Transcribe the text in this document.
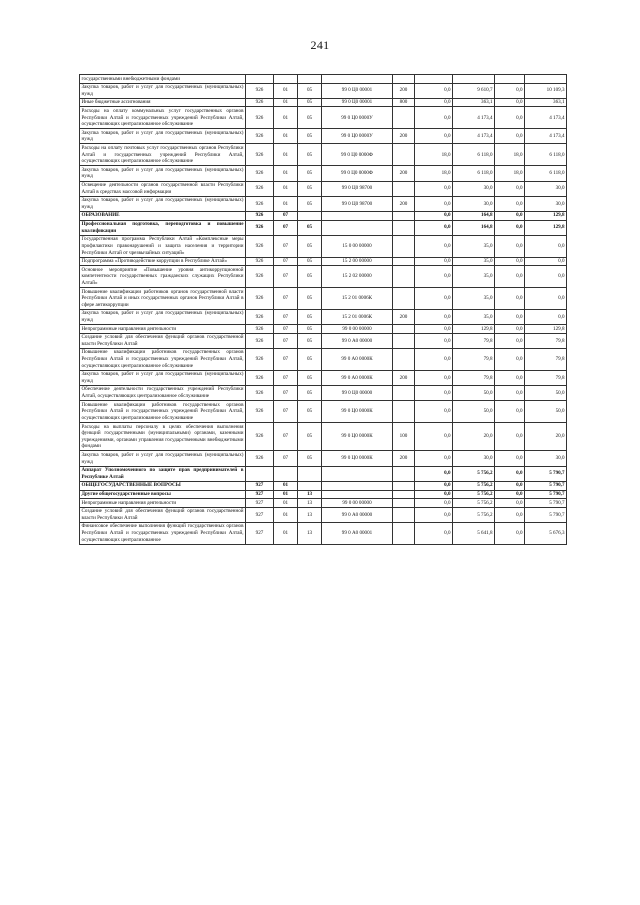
241
государственными внебюджетными фондами									
Закупка товаров, работ и услуг для государственных (муниципальных) нужд	926	01	05	99 0 Ц0 00001	200	0,0	9 610,7	0,0	10 109,3
Иные бюджетные ассигнования	926	01	05	99 0 Ц0 00001	800	0,0	363,1	0,0	363,1
Расходы на оплату коммунальных услуг государственных органов Республики Алтай и государственных учреждений Республики Алтай, осуществляющих централизованное обслуживание	926	01	05	99 0 Ц0 0000У		0,0	4 173,4	0,0	4 173,4
Закупка товаров, работ и услуг для государственных (муниципальных) нужд	926	01	05	99 0 Ц0 0000У	200	0,0	4 173,4	0,0	4 173,4
Расходы на оплату почтовых услуг государственных органов Республики Алтай и государственных учреждений Республики Алтай, осуществляющих централизованное обслуживание	926	01	05	99 0 Ц0 0000Ф		18,0	6 118,0	18,0	6 118,0
Закупка товаров, работ и услуг для государственных (муниципальных) нужд	926	01	05	99 0 Ц0 0000Ф	200	18,0	6 118,0	18,0	6 118,0
Освещение деятельности органов государственной власти Республики Алтай в средствах массовой информации	926	01	05	99 0 Ц0 98700		0,0	30,0	0,0	30,0
Закупка товаров, работ и услуг для государственных (муниципальных) нужд	926	01	05	99 0 Ц0 98700	200	0,0	30,0	0,0	30,0
ОБРАЗОВАНИЕ	926	07				0,0	164,8	0,0	129,8
Профессиональная подготовка, переподготовка и повышение квалификации	926	07	05			0,0	164,8	0,0	129,8
Государственная программа Республики Алтай «Комплексные меры профилактики правонарушений и защита населения и территории Республики Алтай от чрезвычайных ситуаций»	926	07	05	15 0 00 00000		0,0	35,0	0,0	0,0
Подпрограмма «Противодействие коррупции в Республике Алтай»	926	07	05	15 2 00 00000		0,0	35,0	0,0	0,0
Основное мероприятие «Повышение уровня антикоррупционной компетентности государственных гражданских служащих Республики Алтай»	926	07	05	15 2 02 00000		0,0	35,0	0,0	0,0
Повышение квалификации работников органов государственной власти Республики Алтай и иных государственных органов Республики Алтай в сфере антикоррупции	926	07	05	15 2 01 0006К		0,0	35,0	0,0	0,0
Закупка товаров, работ и услуг для государственных (муниципальных) нужд	926	07	05	15 2 01 0006К	200	0,0	35,0	0,0	0,0
Непрограммные направления деятельности	926	07	05	99 0 00 00000		0,0	129,8	0,0	129,8
Создание условий для обеспечения функций органов государственной власти Республики Алтай	926	07	05	99 0 А0 00000		0,0	79,8	0,0	79,8
Повышение квалификации работников государственных органов Республики Алтай и государственных учреждений Республики Алтай, осуществляющих централизованное обслуживание	926	07	05	99 0 А0 0000К		0,0	79,8	0,0	79,8
Закупка товаров, работ и услуг для государственных (муниципальных) нужд	926	07	05	99 0 А0 0000К	200	0,0	79,8	0,0	79,8
Обеспечение деятельности государственных учреждений Республики Алтай, осуществляющих централизованное обслуживание	926	07	05	99 0 Ц0 00000		0,0	50,0	0,0	50,0
Повышение квалификации работников государственных органов Республики Алтай и государственных учреждений Республики Алтай, осуществляющих централизованное обслуживание	926	07	05	99 0 Ц0 0000К		0,0	50,0	0,0	50,0
Расходы на выплаты персоналу в целях обеспечения выполнения функций государственными (муниципальными) органами, казенными учреждениями, органами управления государственными внебюджетными фондами	926	07	05	99 0 Ц0 0000К	100	0,0	20,0	0,0	20,0
Закупка товаров, работ и услуг для государственных (муниципальных) нужд	926	07	05	99 0 Ц0 0000К	200	0,0	30,0	0,0	30,0
Аппарат Уполномоченного по защите прав предпринимателей в Республике Алтай						0,0	5 756,2	0,0	5 790,7
ОБЩЕГОСУДАРСТВЕННЫЕ ВОПРОСЫ	927	01				0,0	5 756,2	0,0	5 790,7
Другие общегосударственные вопросы	927	01	13			0,0	5 756,2	0,0	5 790,7
Непрограммные направления деятельности	927	01	13	99 0 00 00000		0,0	5 756,2	0,0	5 790,7
Создание условий для обеспечения функций органов государственной власти Республики Алтай	927	01	13	99 0 А0 00000		0,0	5 756,2	0,0	5 790,7
Финансовое обеспечение выполнения функций государственных органов Республики Алтай и государственных учреждений Республики Алтай, осуществляющих централизованное	927	01	13	99 0 А0 00001		0,0	5 641,8	0,0	5 676,3
